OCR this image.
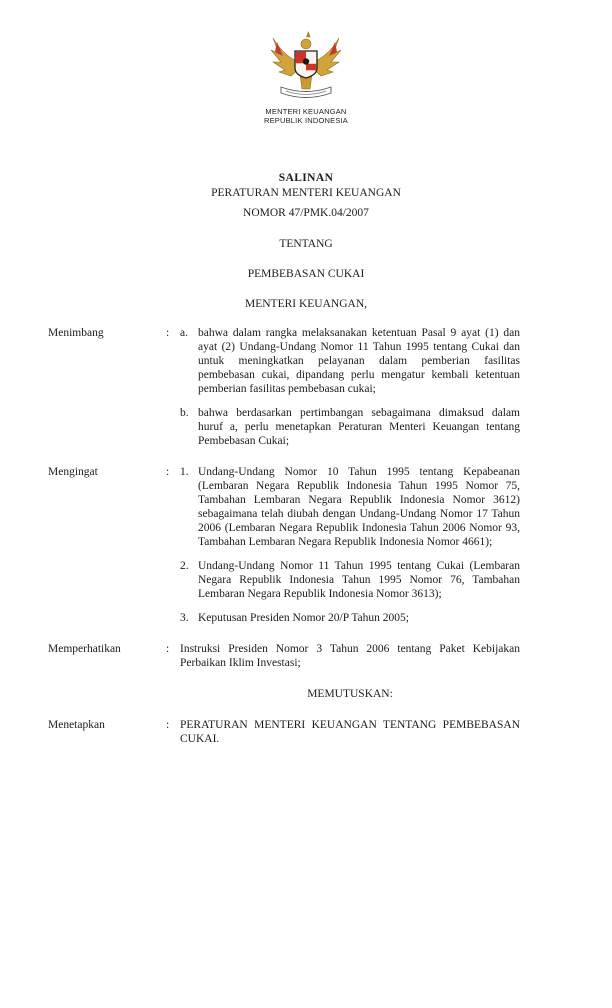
MENTERI KEUANGAN
REPUBLIK INDONESIA
SALINAN
PERATURAN MENTERI KEUANGAN
NOMOR 47/PMK.04/2007
TENTANG
PEMBEBASAN CUKAI
MENTERI KEUANGAN,
Menimbang	: a. bahwa dalam rangka melaksanakan ketentuan Pasal 9 ayat (1) dan ayat (2) Undang-Undang Nomor 11 Tahun 1995 tentang Cukai dan untuk meningkatkan pelayanan dalam pemberian fasilitas pembebasan cukai, dipandang perlu mengatur kembali ketentuan pemberian fasilitas pembebasan cukai;
b. bahwa berdasarkan pertimbangan sebagaimana dimaksud dalam huruf a, perlu menetapkan Peraturan Menteri Keuangan tentang Pembebasan Cukai;
Mengingat	: 1. Undang-Undang Nomor 10 Tahun 1995 tentang Kepabeanan (Lembaran Negara Republik Indonesia Tahun 1995 Nomor 75, Tambahan Lembaran Negara Republik Indonesia Nomor 3612) sebagaimana telah diubah dengan Undang-Undang Nomor 17 Tahun 2006 (Lembaran Negara Republik Indonesia Tahun 2006 Nomor 93, Tambahan Lembaran Negara Republik Indonesia Nomor 4661);
2. Undang-Undang Nomor 11 Tahun 1995 tentang Cukai (Lembaran Negara Republik Indonesia Tahun 1995 Nomor 76, Tambahan Lembaran Negara Republik Indonesia Nomor 3613);
3. Keputusan Presiden Nomor 20/P Tahun 2005;
Memperhatikan	: Instruksi Presiden Nomor 3 Tahun 2006 tentang Paket Kebijakan Perbaikan Iklim Investasi;
MEMUTUSKAN:
Menetapkan	: PERATURAN MENTERI KEUANGAN TENTANG PEMBEBASAN CUKAI.
